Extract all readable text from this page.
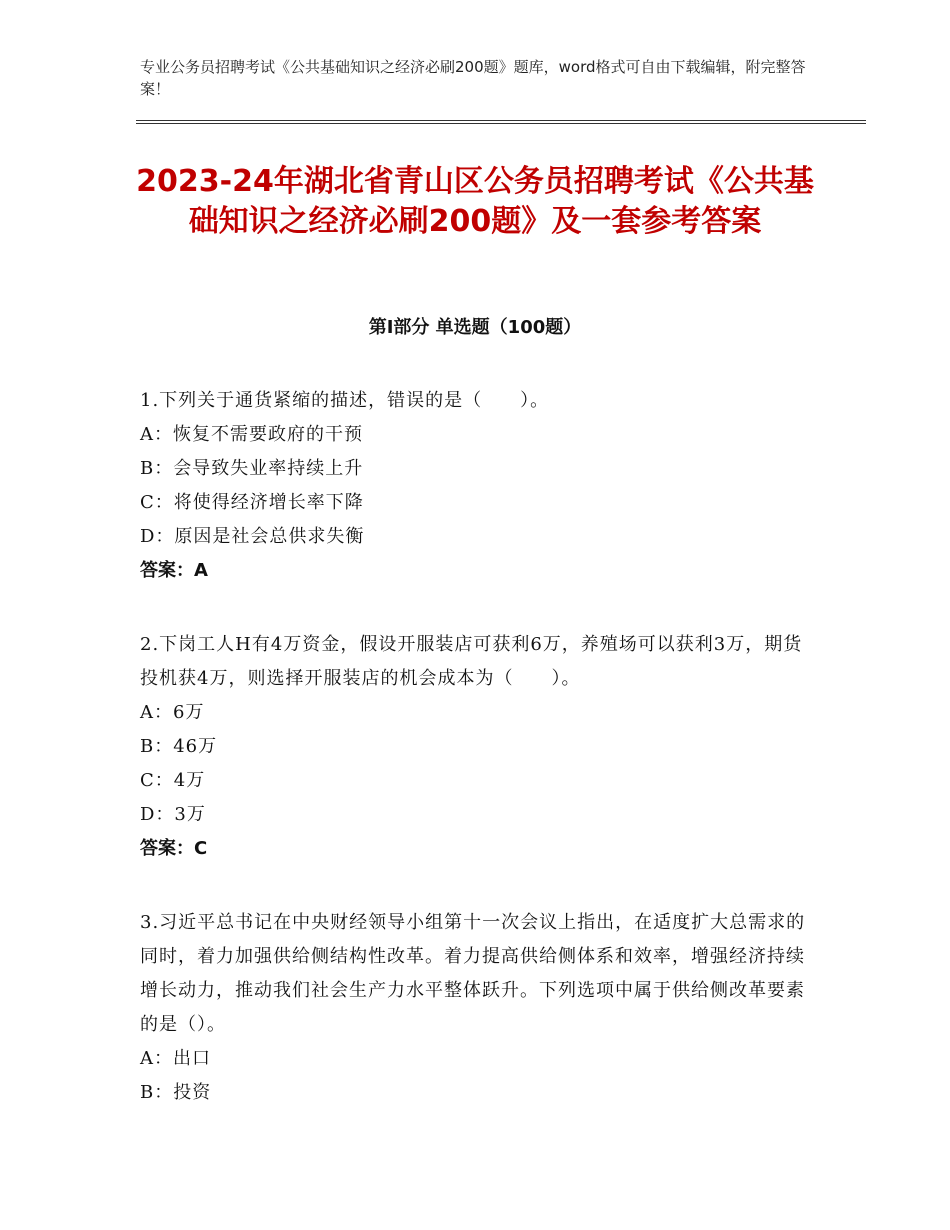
专业公务员招聘考试《公共基础知识之经济必刷200题》题库，word格式可自由下载编辑，附完整答案！

2023-24年湖北省青山区公务员招聘考试《公共基础知识之经济必刷200题》及一套参考答案
第Ⅰ部分 单选题（100题）

1.下列关于通货紧缩的描述，错误的是（　　）。

A：恢复不需要政府的干预

B：会导致失业率持续上升

C：将使得经济增长率下降

D：原因是社会总供求失衡

答案：A

2.下岗工人H有4万资金，假设开服装店可获利6万，养殖场可以获利3万，期货投机获4万，则选择开服装店的机会成本为（　　）。

A：6万

B：46万

C：4万

D：3万

答案：C

3.习近平总书记在中央财经领导小组第十一次会议上指出，在适度扩大总需求的同时，着力加强供给侧结构性改革。着力提高供给侧体系和效率，增强经济持续增长动力，推动我们社会生产力水平整体跃升。下列选项中属于供给侧改革要素的是（）。

A：出口

B：投资
